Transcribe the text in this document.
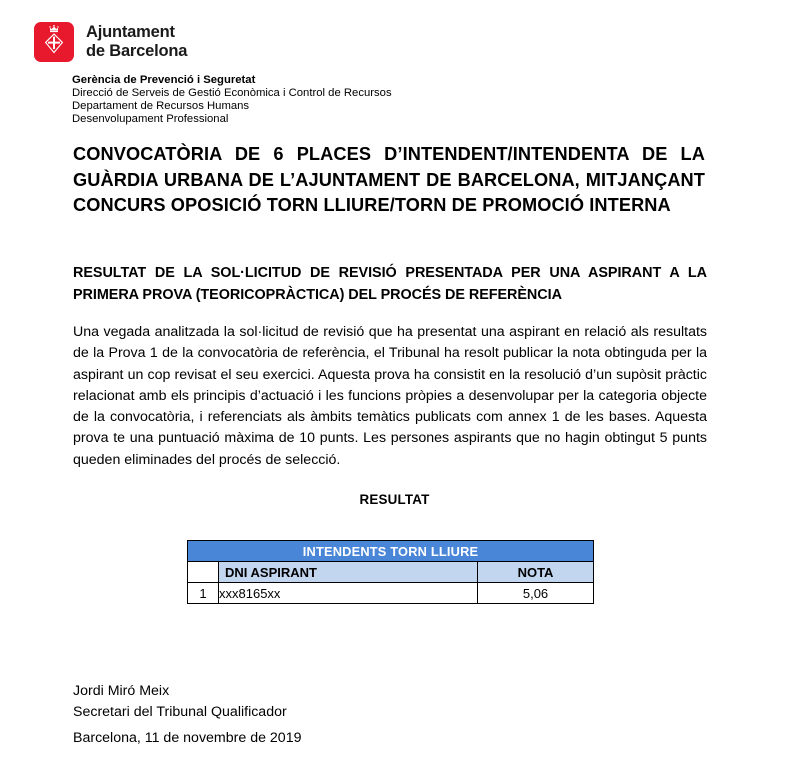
Ajuntament
de Barcelona
Gerència de Prevenció i Seguretat
Direcció de Serveis de Gestió Econòmica i Control de Recursos
Departament de Recursos Humans
Desenvolupament Professional
CONVOCATÒRIA DE 6 PLACES D’INTENDENT/INTENDENTA DE LA GUÀRDIA URBANA DE L’AJUNTAMENT DE BARCELONA, MITJANÇANT CONCURS OPOSICIÓ TORN LLIURE/TORN DE PROMOCIÓ INTERNA
RESULTAT DE LA SOL·LICITUD DE REVISIÓ PRESENTADA PER UNA ASPIRANT A LA PRIMERA PROVA (TEORICOPRÀCTICA) DEL PROCÉS DE REFERÈNCIA
Una vegada analitzada la sol·licitud de revisió que ha presentat una aspirant en relació als resultats de la Prova 1 de la convocatòria de referència, el Tribunal ha resolt publicar la nota obtinguda per la aspirant un cop revisat el seu exercici. Aquesta prova ha consistit en la resolució d’un supòsit pràctic relacionat amb els principis d’actuació i les funcions pròpies a desenvolupar per la categoria objecte de la convocatòria, i referenciats als àmbits temàtics publicats com annex 1 de les bases. Aquesta prova te una puntuació màxima de 10 punts. Les persones aspirants que no hagin obtingut 5 punts queden eliminades del procés de selecció.
RESULTAT
INTENDENTS TORN LLIURE		
	DNI ASPIRANT	NOTA
1	xxx8165xx	5,06
Jordi Miró Meix
Secretari del Tribunal Qualificador
Barcelona, 11 de novembre de 2019
